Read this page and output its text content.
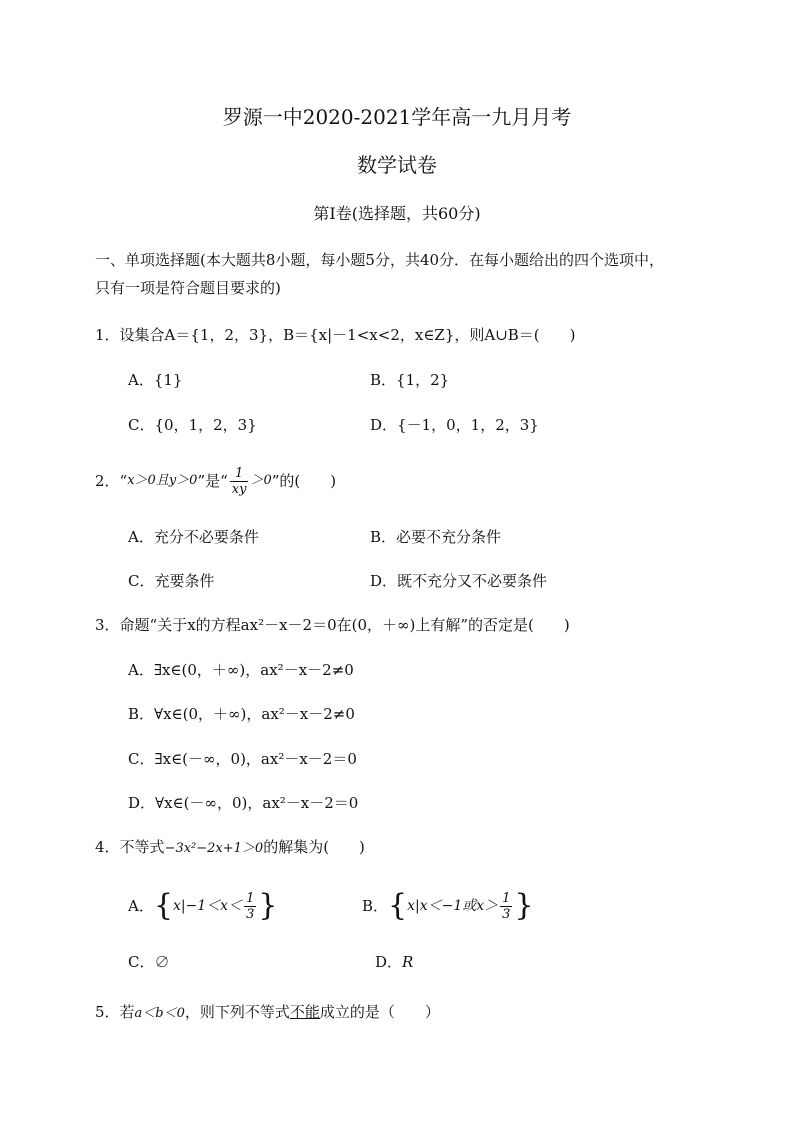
罗源一中2020-2021学年高一九月月考
数学试卷
第Ⅰ卷(选择题，共60分)
一、单项选择题(本大题共8小题，每小题5分，共40分．在每小题给出的四个选项中，
只有一项是符合题目要求的)
1．设集合A＝{1，2，3}，B＝{x|－1<x<2，x∈Z}，则A∪B＝(　　)
A．{1}	B．{1，2}
C．{0，1，2，3}	D．{－1，0，1，2，3}
2． “ x＞0且y＞0 ”是“ $\frac{1}{xy} >0$ ”的(　　)
A．充分不必要条件	B．必要不充分条件
C．充要条件	D．既不充分又不必要条件
3．命题“关于x的方程ax²－x－2＝0在(0，＋∞)上有解”的否定是(　　)
A．∃x∈(0，＋∞)，ax²－x－2≠0
B．∀x∈(0，＋∞)，ax²－x－2≠0
C．∃x∈(－∞，0)，ax²－x－2＝0
D．∀x∈(－∞，0)，ax²－x－2＝0
4．不等式−3x²−2x+1＞0的解集为(　　)
A． { $x|-1<x< \frac{1}{3}$ }	B． { x|x＜−1或$x> \frac{1}{3}$ }
C．∅	D．R
5．若a＜b＜0，则下列不等式不能成立的是（　　）
